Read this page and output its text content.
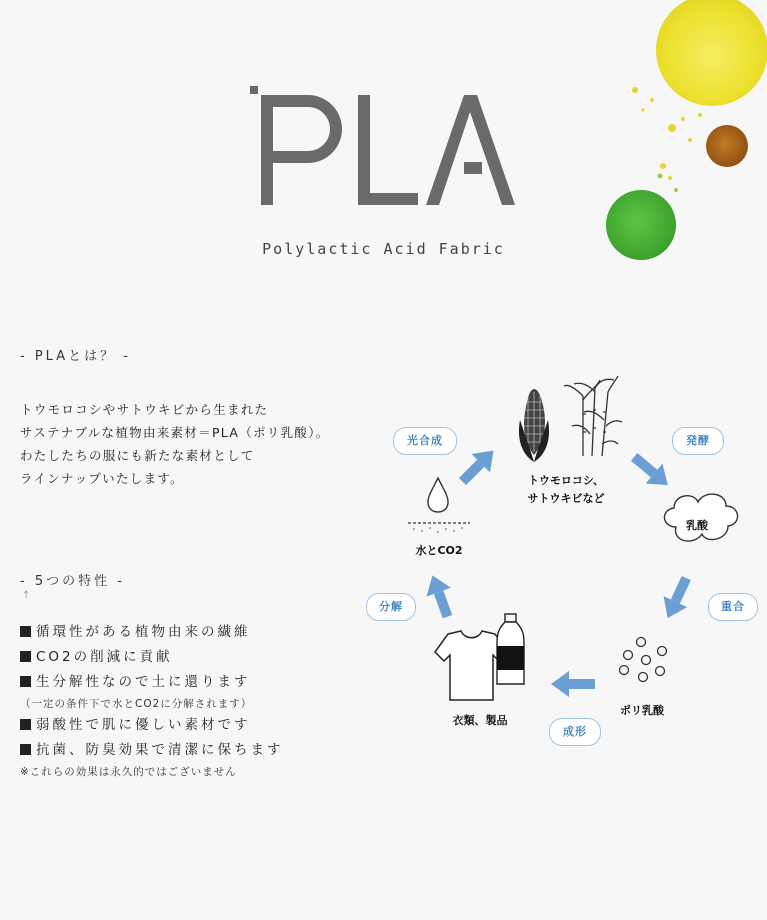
Polylactic Acid Fabric
- PLAとは？ -
トウモロコシやサトウキビから生まれた
サステナブルな植物由来素材＝PLA（ポリ乳酸）。
わたしたちの服にも新たな素材として
ラインナップいたします。
- 5つの特性 -
↑
循環性がある植物由来の繊維
CO2の削減に貢献
生分解性なので土に還ります
（一定の条件下で水とCO2に分解されます）
弱酸性で肌に優しい素材です
抗菌、防臭効果で清潔に保ちます
※これらの効果は永久的ではございません
トウモロコシ、
サトウキビなど
乳酸
ポリ乳酸
衣類、製品
水とCO2
光合成	発酵
重合
成形
分解
